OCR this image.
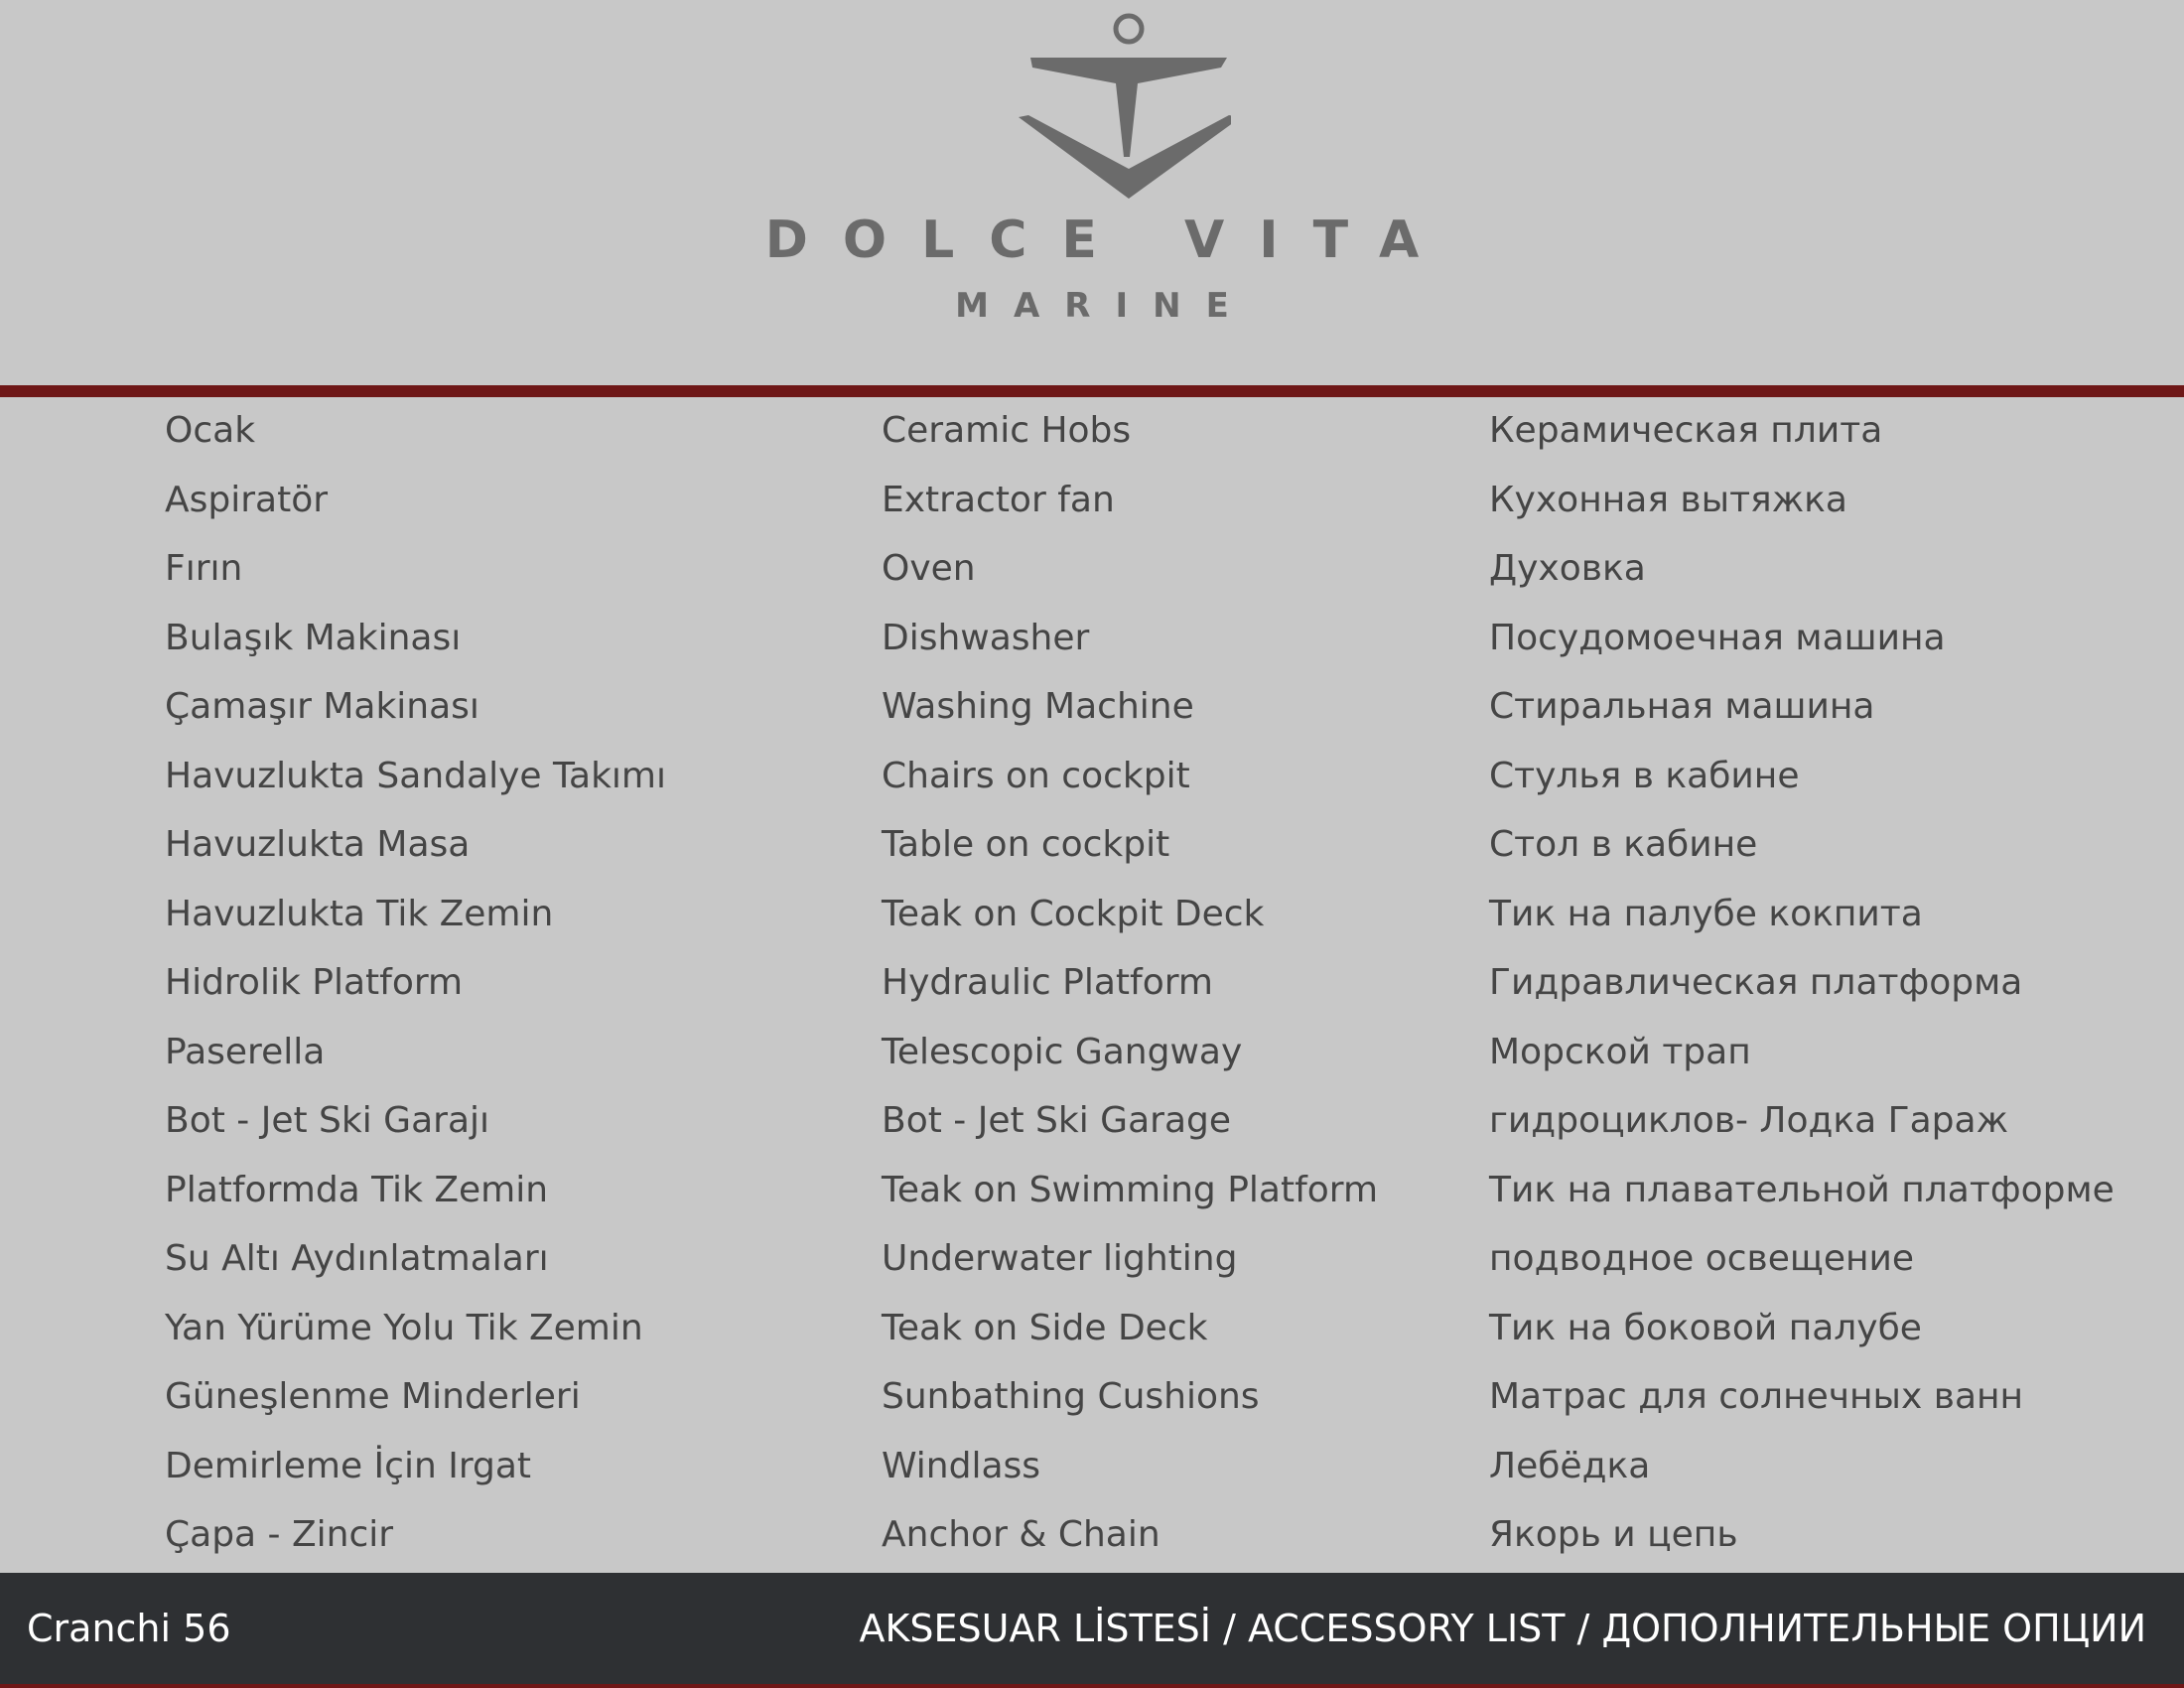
DOLCE VITA
MARINE
Ocak	Ceramic Hobs	Керамическая плита
Aspiratör	Extractor fan	Кухонная вытяжка
Fırın	Oven	Духовка
Bulaşık Makinası	Dishwasher	Посудомоечная машина
Çamaşır Makinası	Washing Machine	Стиральная машина
Havuzlukta Sandalye Takımı	Chairs on cockpit	Стулья в кабине
Havuzlukta Masa	Table on cockpit	Стол в кабине
Havuzlukta Tik Zemin	Teak on Cockpit Deck	Тик на палубе кокпита
Hidrolik Platform	Hydraulic Platform	Гидравлическая платформа
Paserella	Telescopic Gangway	Морской трап
Bot - Jet Ski Garajı	Bot - Jet Ski Garage	гидроциклов- Лодка Гараж
Platformda Tik Zemin	Teak on Swimming Platform	Тик на плавательной платформе
Su Altı Aydınlatmaları	Underwater lighting	подводное освещение
Yan Yürüme Yolu Tik Zemin	Teak on Side Deck	Тик на боковой палубе
Güneşlenme Minderleri	Sunbathing Cushions	Матрас для солнечных ванн
Demirleme İçin Irgat	Windlass	Лебёдка
Çapa - Zincir	Anchor & Chain	Якорь и цепь
Cranchi 56	AKSESUAR LİSTESİ / ACCESSORY LIST / ДОПОЛНИТЕЛЬНЫЕ ОПЦИИ
